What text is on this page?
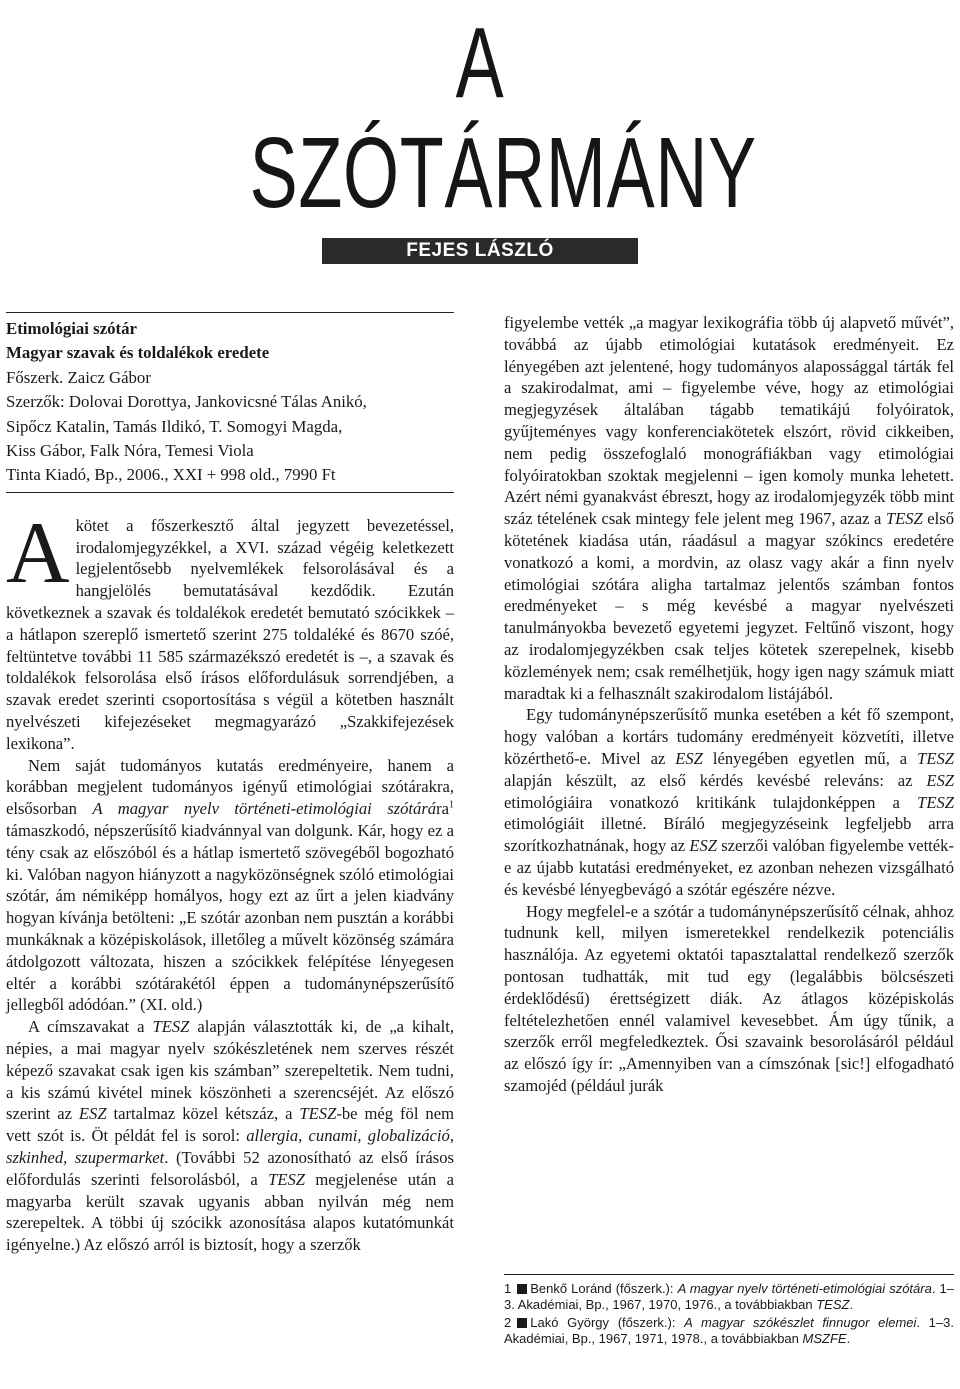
A SZÓTÁRMÁNY
FEJES LÁSZLÓ
Etimológiai szótár
Magyar szavak és toldalékok eredete
Főszerk. Zaicz Gábor
Szerzők: Dolovai Dorottya, Jankovicsné Tálas Anikó,
Sipőcz Katalin, Tamás Ildikó, T. Somogyi Magda,
Kiss Gábor, Falk Nóra, Temesi Viola
Tinta Kiadó, Bp., 2006., XXI + 998 old., 7990 Ft

A kötet a főszerkesztő által jegyzett bevezetéssel, irodalomjegyzékkel, a XVI. század végéig keletkezett legjelentősebb nyelvemlékek felsorolásával és a hangjelölés bemutatásával kezdődik. Ezután következnek a szavak és toldalékok eredetét bemutató szócikkek – a hátlapon szereplő ismertető szerint 275 toldaléké és 8670 szóé, feltüntetve további 11 585 származékszó eredetét is –, a szavak és toldalékok felsorolása első írásos előfordulásuk sorrendjében, a szavak eredet szerinti csoportosítása s végül a kötetben használt nyelvészeti kifejezéseket megmagyarázó „Szakkifejezések lexikona”.

Nem saját tudományos kutatás eredményeire, hanem a korábban megjelent tudományos igényű etimológiai szótárakra, elsősorban A magyar nyelv történeti-etimológiai szótárára$^1$ támaszkodó, népszerűsítő kiadvánnyal van dolgunk. Kár, hogy ez a tény csak az előszóból és a hátlap ismertető szövegéből bogozható ki. Valóban nagyon hiányzott a nagyközönségnek szóló etimológiai szótár, ám némiképp homályos, hogy ezt az űrt a jelen kiadvány hogyan kívánja betölteni: „E szótár azonban nem pusztán a korábbi munkáknak a középiskolások, illetőleg a művelt közönség számára átdolgozott változata, hiszen a szócikkek felépítése lényegesen eltér a korábbi szótárakétól éppen a tudománynépszerűsítő jellegből adódóan.” (XI. old.)

A címszavakat a TESZ alapján választották ki, de „a kihalt, népies, a mai magyar nyelv szókészletének nem szerves részét képező szavakat csak igen kis számban” szerepeltetik. Nem tudni, a kis számú kivétel minek köszönheti a szerencséjét. Az előszó szerint az ESZ tartalmaz közel kétszáz, a TESZ-be még föl nem vett szót is. Öt példát fel is sorol: allergia, cunami, globalizáció, szkinhed, szupermarket. (További 52 azonosítható az első írásos előfordulás szerinti felsorolásból, a TESZ megjelenése után a magyarba került szavak ugyanis abban nyilván még nem szerepeltek. A többi új szócikk azonosítása alapos kutatómunkát igényelne.) Az előszó arról is biztosít, hogy a szerzők

figyelembe vették „a magyar lexikográfia több új alapvető művét”, továbbá az újabb etimológiai kutatások eredményeit. Ez lényegében azt jelentené, hogy tudományos alapossággal tárták fel a szakirodalmat, ami – figyelembe véve, hogy az etimológiai megjegyzések általában tágabb tematikájú folyóiratok, gyűjteményes vagy konferenciakötetek elszórt, rövid cikkeiben, nem pedig összefoglaló monográfiákban vagy etimológiai folyóiratokban szoktak megjelenni – igen komoly munka lehetett. Azért némi gyanakvást ébreszt, hogy az irodalomjegyzék több mint száz tételének csak mintegy fele jelent meg 1967, azaz a TESZ első kötetének kiadása után, ráadásul a magyar szókincs eredetére vonatkozó a komi, a mordvin, az olasz vagy akár a finn nyelv etimológiai szótára aligha tartalmaz jelentős számban fontos eredményeket – s még kevésbé a magyar nyelvészeti tanulmányokba bevezető egyetemi jegyzet. Feltűnő viszont, hogy az irodalomjegyzékben csak teljes kötetek szerepelnek, kisebb közlemények nem; csak remélhetjük, hogy igen nagy számuk miatt maradtak ki a felhasznált szakirodalom listájából.

Egy tudománynépszerűsítő munka esetében a két fő szempont, hogy valóban a kortárs tudomány eredményeit közvetíti, illetve közérthető-e. Mivel az ESZ lényegében egyetlen mű, a TESZ alapján készült, az első kérdés kevésbé releváns: az ESZ etimológiáira vonatkozó kritikánk tulajdonképpen a TESZ etimológiáit illetné. Bíráló megjegyzéseink legfeljebb arra szorítkozhatnának, hogy az ESZ szerzői valóban figyelembe vették-e az újabb kutatási eredményeket, ez azonban nehezen vizsgálható és kevésbé lényegbevágó a szótár egészére nézve.

Hogy megfelel-e a szótár a tudománynépszerűsítő célnak, ahhoz tudnunk kell, milyen ismeretekkel rendelkezik potenciális használója. Az egyetemi oktatói tapasztalattal rendelkező szerzők pontosan tudhatták, mit tud egy (legalábbis bölcsészeti érdeklődésű) érettségizett diák. Az átlagos középiskolás feltételezhetően ennél valamivel kevesebbet. Ám úgy tűnik, a szerzők erről megfeledkeztek. Ősi szavaink besorolásáról például az előszó így ír: „Amennyiben van a címszónak [sic!] elfogadható szamojéd (például jurák

1 Benkő Loránd (főszerk.): A magyar nyelv történeti-etimológiai szótára. 1–3. Akadémiai, Bp., 1967, 1970, 1976., a továbbiakban TESZ.
2 Lakó György (főszerk.): A magyar szókészlet finnugor elemei. 1–3. Akadémiai, Bp., 1967, 1971, 1978., a továbbiakban MSZFE.
